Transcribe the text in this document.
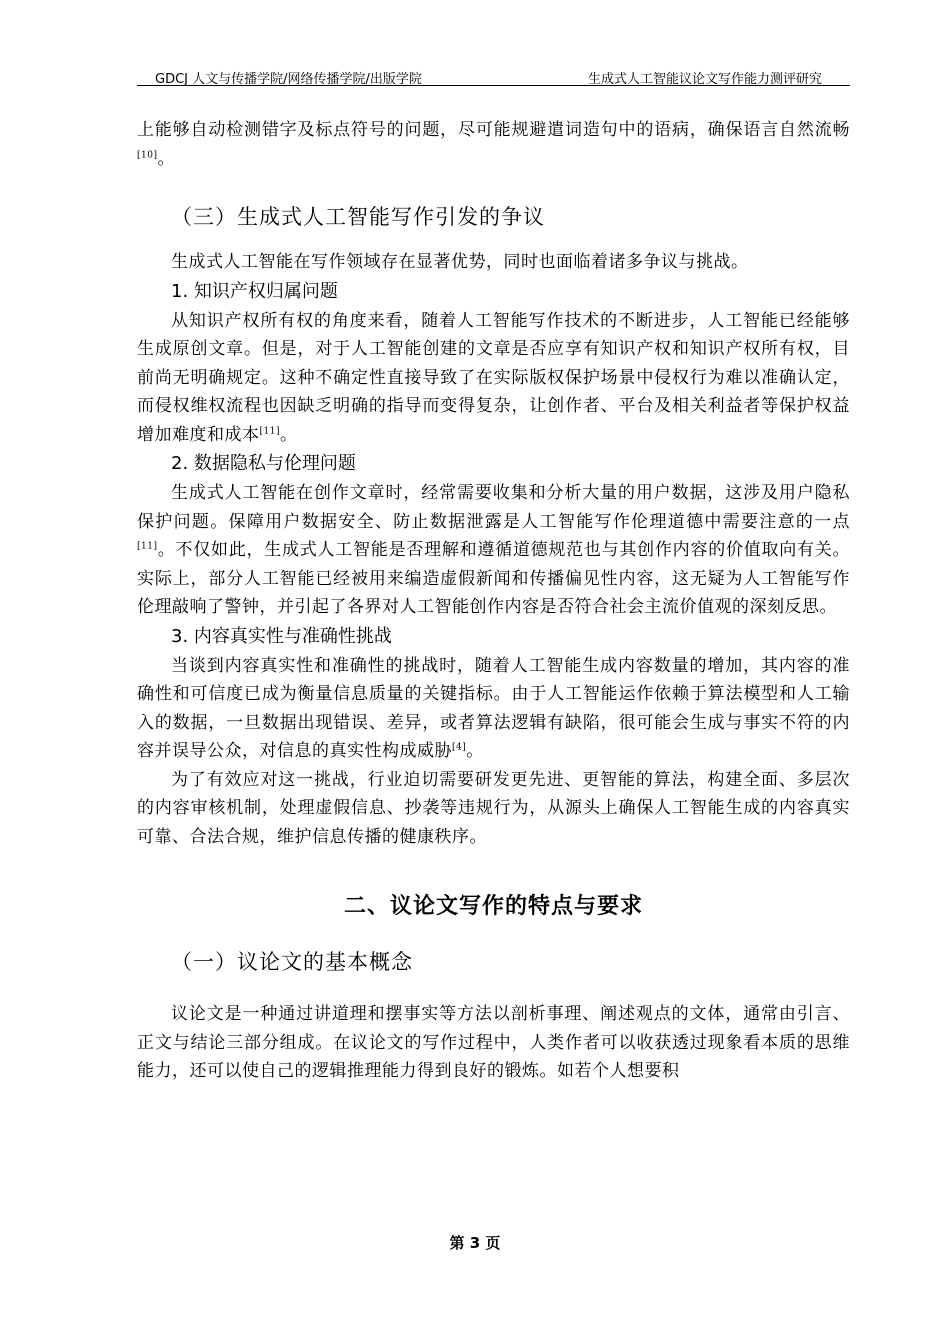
GDCJ 人文与传播学院/网络传播学院/出版学院	生成式人工智能议论文写作能力测评研究

上能够自动检测错字及标点符号的问题，尽可能规避遣词造句中的语病，确保语言自然流畅[10]。

（三）生成式人工智能写作引发的争议

生成式人工智能在写作领域存在显著优势，同时也面临着诸多争议与挑战。

1. 知识产权归属问题

从知识产权所有权的角度来看，随着人工智能写作技术的不断进步，人工智能已经能够生成原创文章。但是，对于人工智能创建的文章是否应享有知识产权和知识产权所有权，目前尚无明确规定。这种不确定性直接导致了在实际版权保护场景中侵权行为难以准确认定，而侵权维权流程也因缺乏明确的指导而变得复杂，让创作者、平台及相关利益者等保护权益增加难度和成本[11]。

2. 数据隐私与伦理问题

生成式人工智能在创作文章时，经常需要收集和分析大量的用户数据，这涉及用户隐私保护问题。保障用户数据安全、防止数据泄露是人工智能写作伦理道德中需要注意的一点[11]。不仅如此，生成式人工智能是否理解和遵循道德规范也与其创作内容的价值取向有关。实际上，部分人工智能已经被用来编造虚假新闻和传播偏见性内容，这无疑为人工智能写作伦理敲响了警钟，并引起了各界对人工智能创作内容是否符合社会主流价值观的深刻反思。

3. 内容真实性与准确性挑战

当谈到内容真实性和准确性的挑战时，随着人工智能生成内容数量的增加，其内容的准确性和可信度已成为衡量信息质量的关键指标。由于人工智能运作依赖于算法模型和人工输入的数据，一旦数据出现错误、差异，或者算法逻辑有缺陷，很可能会生成与事实不符的内容并误导公众，对信息的真实性构成威胁[4]。

为了有效应对这一挑战，行业迫切需要研发更先进、更智能的算法，构建全面、多层次的内容审核机制，处理虚假信息、抄袭等违规行为，从源头上确保人工智能生成的内容真实可靠、合法合规，维护信息传播的健康秩序。

二、议论文写作的特点与要求
（一）议论文的基本概念

议论文是一种通过讲道理和摆事实等方法以剖析事理、阐述观点的文体，通常由引言、正文与结论三部分组成。在议论文的写作过程中，人类作者可以收获透过现象看本质的思维能力，还可以使自己的逻辑推理能力得到良好的锻炼。如若个人想要积

第 3 页
